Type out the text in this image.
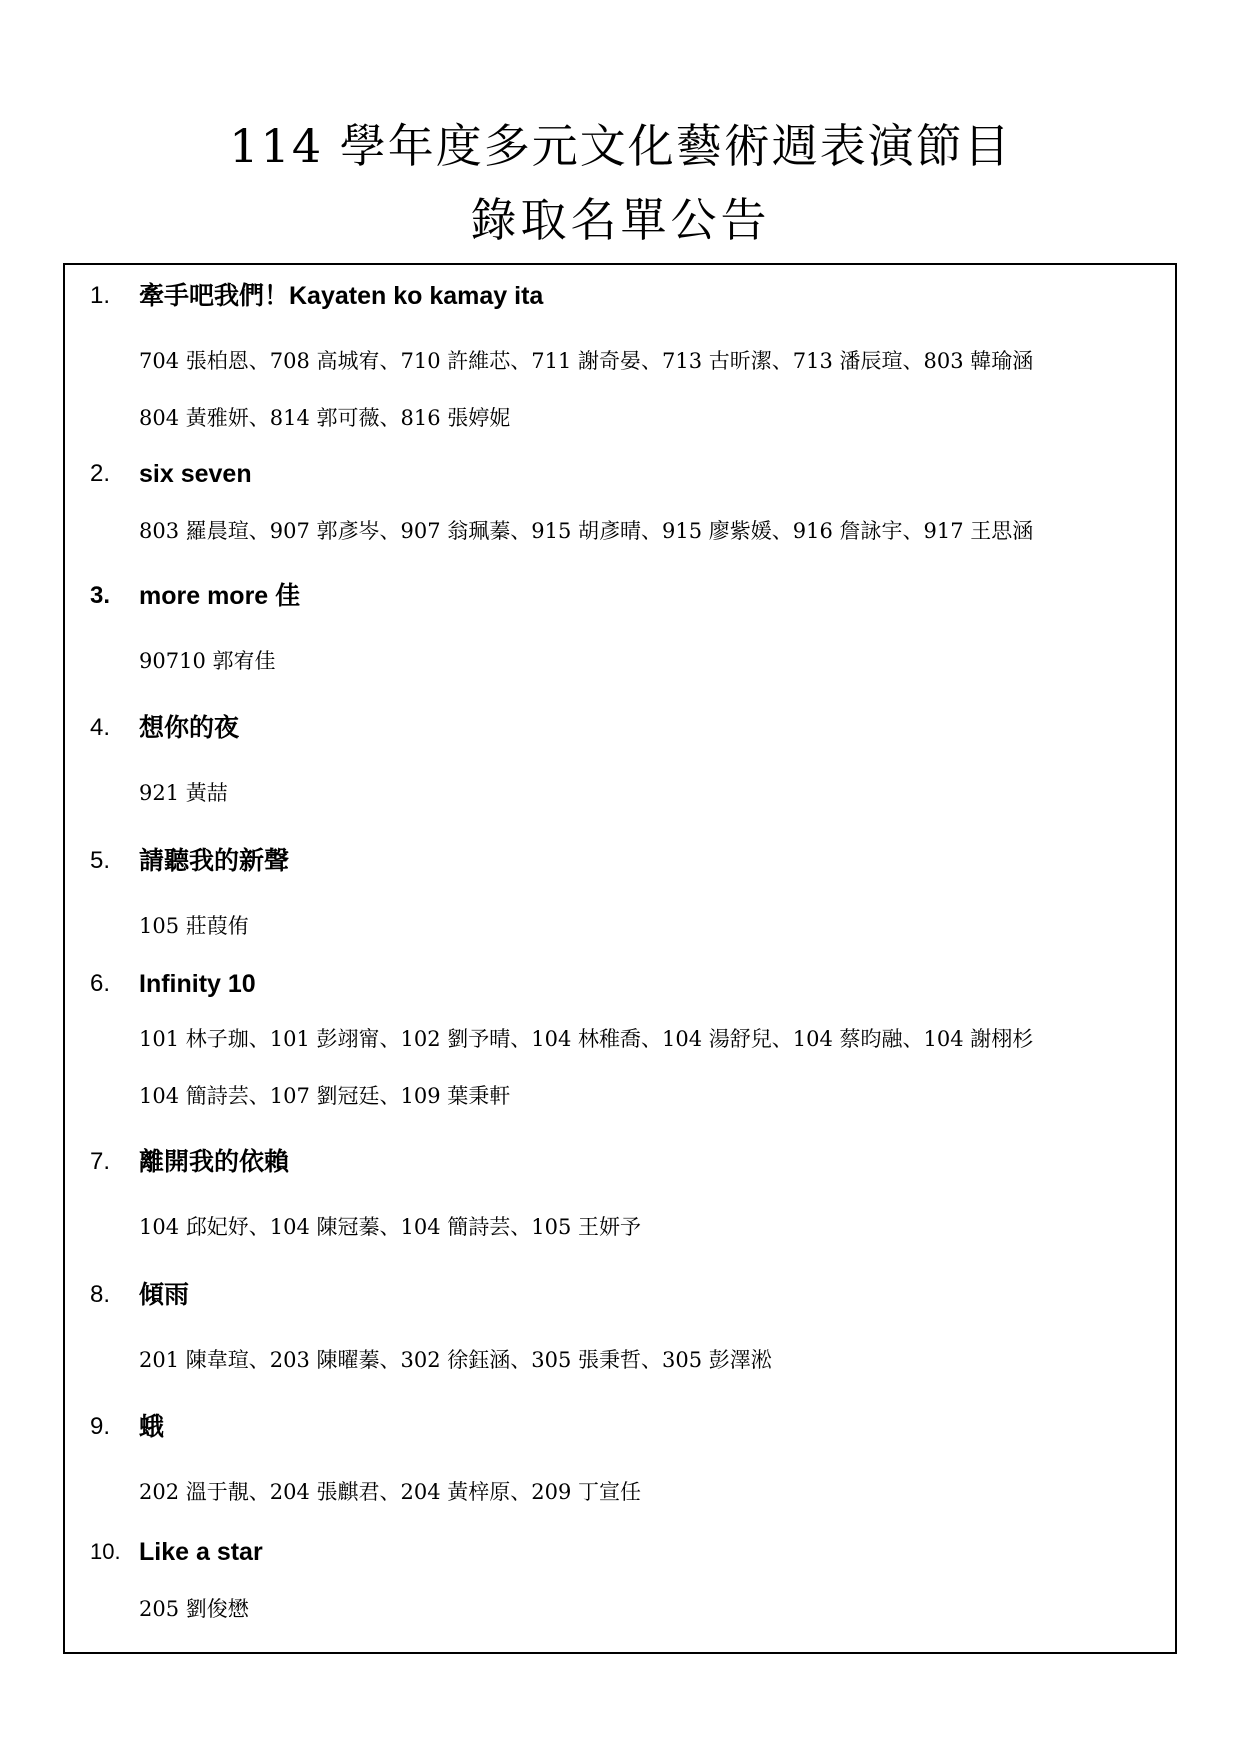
114 學年度多元文化藝術週表演節目
錄取名單公告
1. 牽手吧我們！Kayaten ko kamay ita
704 張柏恩、708 高城宥、710 許維芯、711 謝奇晏、713 古昕潔、713 潘辰瑄、803 韓瑜涵
804 黃雅妍、814 郭可薇、816 張婷妮
2. six seven
803 羅晨瑄、907 郭彥岑、907 翁珮蓁、915 胡彥晴、915 廖紫媛、916 詹詠宇、917 王思涵
3. more more 佳
90710 郭宥佳
4. 想你的夜
921 黃喆
5. 請聽我的新聲
105 莊葭侑
6. Infinity 10
101 林子珈、101 彭翊甯、102 劉予晴、104 林稚喬、104 湯舒兒、104 蔡昀融、104 謝栩杉
104 簡詩芸、107 劉冠廷、109 葉秉軒
7. 離開我的依賴
104 邱妃妤、104 陳冠蓁、104 簡詩芸、105 王妍予
8. 傾雨
201 陳韋瑄、203 陳曜蓁、302 徐鈺涵、305 張秉哲、305 彭澤淞
9. 蛾
202 溫于靚、204 張麒君、204 黃梓原、209 丁宣任
10. Like a star
205 劉俊懋
